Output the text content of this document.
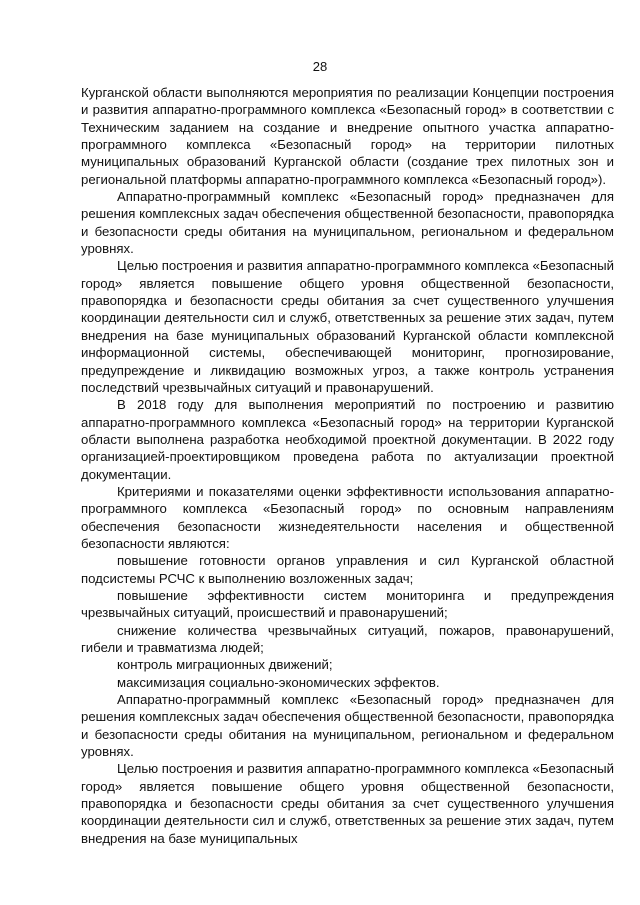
28

Курганской области выполняются мероприятия по реализации Концепции построения и развития аппаратно-программного комплекса «Безопасный город» в соответствии с Техническим заданием на создание и внедрение опытного участка аппаратно-программного комплекса «Безопасный город» на территории пилотных муниципальных образований Курганской области (создание трех пилотных зон и региональной платформы аппаратно-программного комплекса «Безопасный город»).

Аппаратно-программный комплекс «Безопасный город» предназначен для решения комплексных задач обеспечения общественной безопасности, правопорядка и безопасности среды обитания на муниципальном, региональном и федеральном уровнях.

Целью построения и развития аппаратно-программного комплекса «Безопасный город» является повышение общего уровня общественной безопасности, правопорядка и безопасности среды обитания за счет существенного улучшения координации деятельности сил и служб, ответственных за решение этих задач, путем внедрения на базе муниципальных образований Курганской области комплексной информационной системы, обеспечивающей мониторинг, прогнозирование, предупреждение и ликвидацию возможных угроз, а также контроль устранения последствий чрезвычайных ситуаций и правонарушений.

В 2018 году для выполнения мероприятий по построению и развитию аппаратно-программного комплекса «Безопасный город» на территории Курганской области выполнена разработка необходимой проектной документации. В 2022 году организацией-проектировщиком проведена работа по актуализации проектной документации.

Критериями и показателями оценки эффективности использования аппаратно-программного комплекса «Безопасный город» по основным направлениям обеспечения безопасности жизнедеятельности населения и общественной безопасности являются:

повышение готовности органов управления и сил Курганской областной подсистемы РСЧС к выполнению возложенных задач;

повышение эффективности систем мониторинга и предупреждения чрезвычайных ситуаций, происшествий и правонарушений;

снижение количества чрезвычайных ситуаций, пожаров, правонарушений, гибели и травматизма людей;

контроль миграционных движений;

максимизация социально-экономических эффектов.

Аппаратно-программный комплекс «Безопасный город» предназначен для решения комплексных задач обеспечения общественной безопасности, правопорядка и безопасности среды обитания на муниципальном, региональном и федеральном уровнях.

Целью построения и развития аппаратно-программного комплекса «Безопасный город» является повышение общего уровня общественной безопасности, правопорядка и безопасности среды обитания за счет существенного улучшения координации деятельности сил и служб, ответственных за решение этих задач, путем внедрения на базе муниципальных
